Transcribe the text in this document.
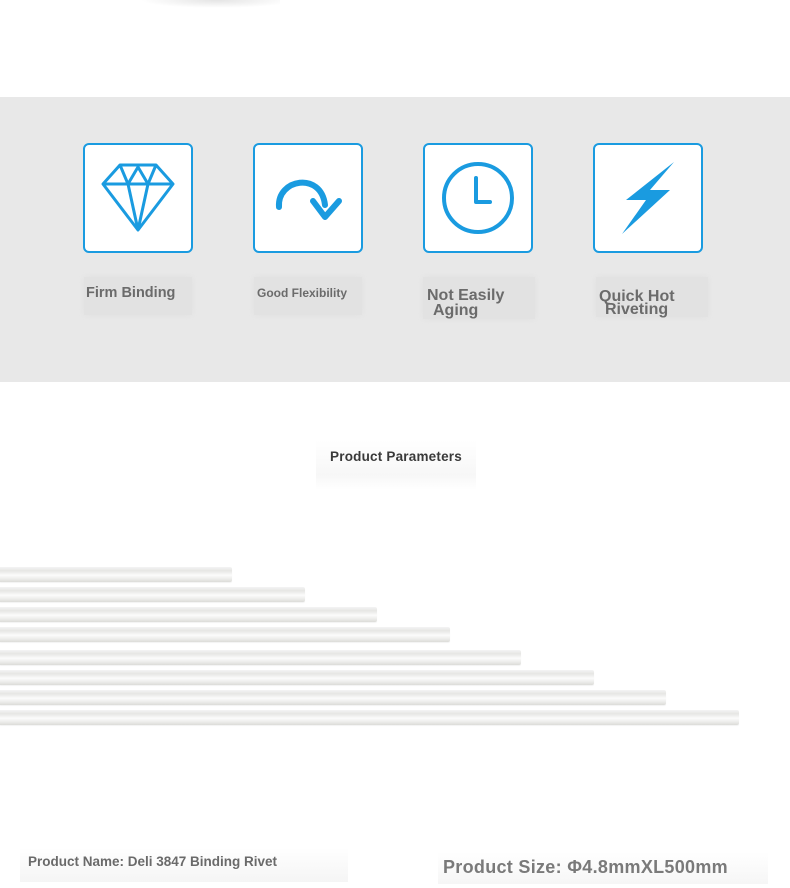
Firm Binding	Good Flexibility	Not Easily
Aging
Quick Hot
Riveting
Product Parameters
Product Name: Deli 3847 Binding Rivet	Product Size: Φ4.8mmXL500mm
